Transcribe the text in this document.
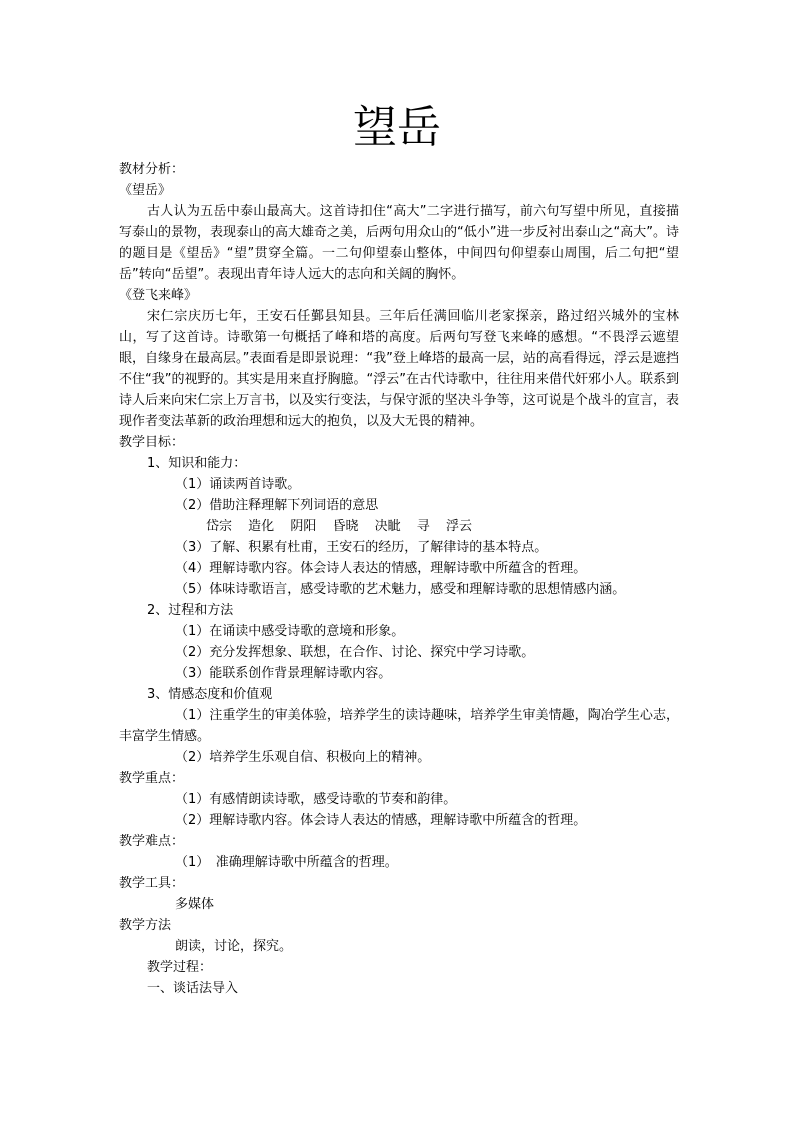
望岳
教材分析：
《望岳》
古人认为五岳中泰山最高大。这首诗扣住“高大”二字进行描写，前六句写望中所见，直接描写泰山的景物，表现泰山的高大雄奇之美，后两句用众山的“低小”进一步反衬出泰山之“高大”。诗的题目是《望岳》“望”贯穿全篇。一二句仰望泰山整体，中间四句仰望泰山周围，后二句把“望岳”转向“岳望”。表现出青年诗人远大的志向和关阔的胸怀。
《登飞来峰》
宋仁宗庆历七年，王安石任鄞县知县。三年后任满回临川老家探亲，路过绍兴城外的宝林山，写了这首诗。诗歌第一句概括了峰和塔的高度。后两句写登飞来峰的感想。“不畏浮云遮望眼，自缘身在最高层。”表面看是即景说理：“我”登上峰塔的最高一层，站的高看得远，浮云是遮挡不住“我”的视野的。其实是用来直抒胸臆。“浮云”在古代诗歌中，往往用来借代奸邪小人。联系到诗人后来向宋仁宗上万言书，以及实行变法，与保守派的坚决斗争等，这可说是个战斗的宣言，表现作者变法革新的政治理想和远大的抱负，以及大无畏的精神。
教学目标：
1、知识和能力：
（1）诵读两首诗歌。
（2）借助注释理解下列词语的意思
岱宗 造化 阴阳 昏晓 决眦 寻 浮云
（3）了解、积累有杜甫，王安石的经历，了解律诗的基本特点。
（4）理解诗歌内容。体会诗人表达的情感，理解诗歌中所蕴含的哲理。
（5）体味诗歌语言，感受诗歌的艺术魅力，感受和理解诗歌的思想情感内涵。
2、过程和方法
（1）在诵读中感受诗歌的意境和形象。
（2）充分发挥想象、联想，在合作、讨论、探究中学习诗歌。
（3）能联系创作背景理解诗歌内容。
3、情感态度和价值观
（1）注重学生的审美体验，培养学生的读诗趣味，培养学生审美情趣，陶冶学生心志，丰富学生情感。
（2）培养学生乐观自信、积极向上的精神。
教学重点：
（1）有感情朗读诗歌，感受诗歌的节奏和韵律。
（2）理解诗歌内容。体会诗人表达的情感，理解诗歌中所蕴含的哲理。
教学难点：
（1）　准确理解诗歌中所蕴含的哲理。
教学工具：
多媒体
教学方法
朗读，讨论，探究。
教学过程：
一、谈话法导入
